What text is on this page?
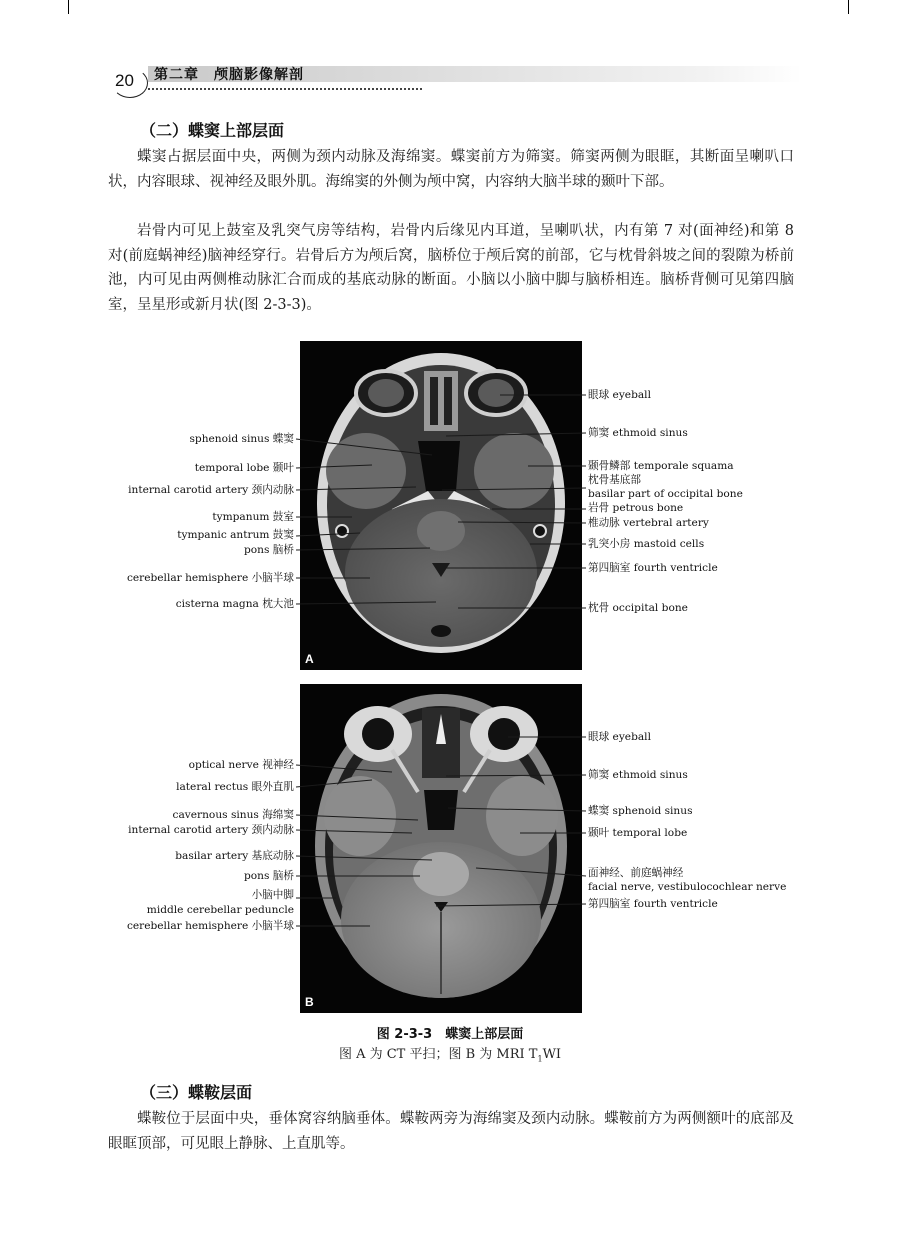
20	第二章　颅脑影像解剖
（二）蝶窦上部层面

蝶窦占据层面中央，两侧为颈内动脉及海绵窦。蝶窦前方为筛窦。筛窦两侧为眼眶，其断面呈喇叭口状，内容眼球、视神经及眼外肌。海绵窦的外侧为颅中窝，内容纳大脑半球的颞叶下部。

岩骨内可见上鼓室及乳突气房等结构，岩骨内后缘见内耳道，呈喇叭状，内有第 7 对(面神经)和第 8 对(前庭蜗神经)脑神经穿行。岩骨后方为颅后窝，脑桥位于颅后窝的前部，它与枕骨斜坡之间的裂隙为桥前池，内可见由两侧椎动脉汇合而成的基底动脉的断面。小脑以小脑中脚与脑桥相连。脑桥背侧可见第四脑室，呈星形或新月状(图 2-3-3)。

A
B
sphenoid sinus 蝶窦
temporal lobe 颞叶
internal carotid artery 颈内动脉
tympanum 鼓室
tympanic antrum 鼓窦
pons 脑桥
cerebellar hemisphere 小脑半球
cisterna magna 枕大池
眼球 eyeball
筛窦 ethmoid sinus
颞骨鳞部 temporale squama
枕骨基底部
basilar part of occipital bone
岩骨 petrous bone
椎动脉 vertebral artery
乳突小房 mastoid cells
第四脑室 fourth ventricle
枕骨 occipital bone
optical nerve 视神经
lateral rectus 眼外直肌
cavernous sinus 海绵窦
internal carotid artery 颈内动脉
basilar artery 基底动脉
pons 脑桥
小脑中脚
middle cerebellar peduncle
cerebellar hemisphere 小脑半球
眼球 eyeball
筛窦 ethmoid sinus
蝶窦 sphenoid sinus
颞叶 temporal lobe
面神经、前庭蜗神经
facial nerve, vestibulocochlear nerve
第四脑室 fourth ventricle

图 2-3-3　蝶窦上部层面

图 A 为 CT 平扫；图 B 为 MRI $T_1WI$

（三）蝶鞍层面

蝶鞍位于层面中央，垂体窝容纳脑垂体。蝶鞍两旁为海绵窦及颈内动脉。蝶鞍前方为两侧额叶的底部及眼眶顶部，可见眼上静脉、上直肌等。
